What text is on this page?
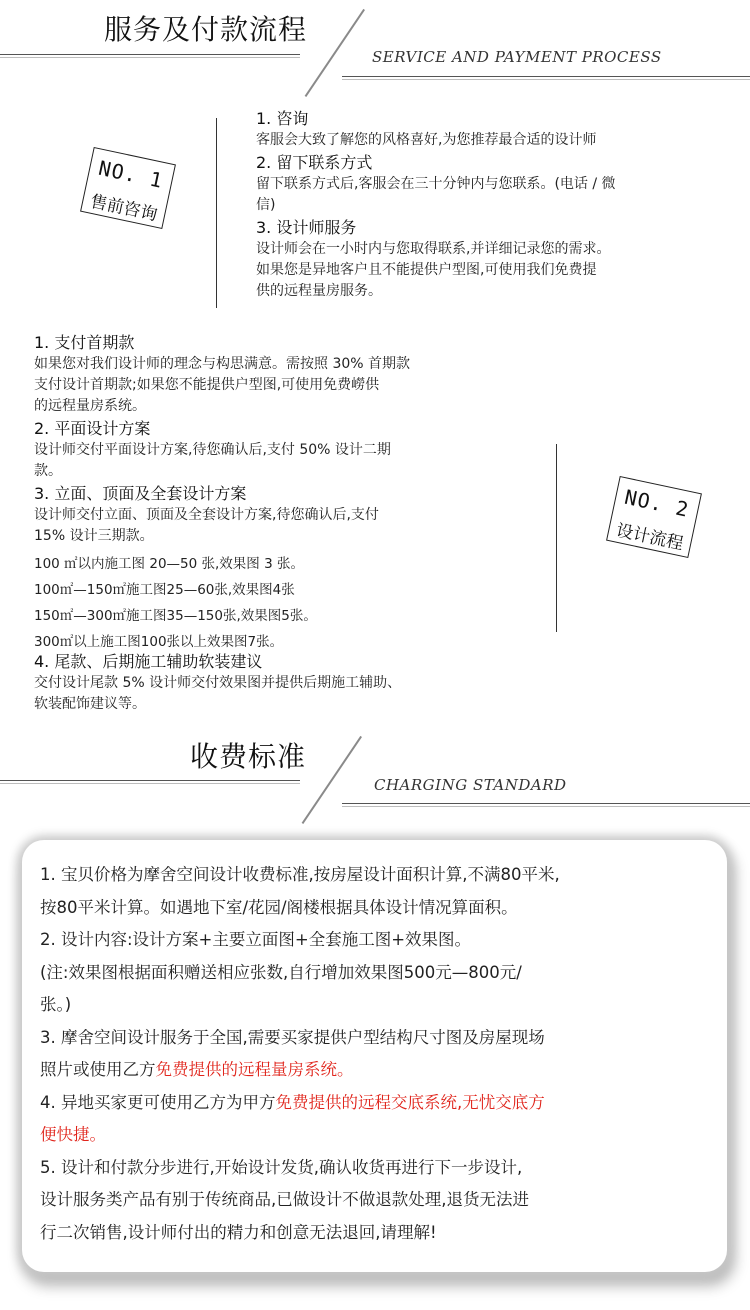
服务及付款流程
SERVICE AND PAYMENT PROCESS
NO. 1
售前咨询
1. 咨询
客服会大致了解您的风格喜好,为您推荐最合适的设计师
2. 留下联系方式
留下联系方式后,客服会在三十分钟内与您联系。(电话 / 微
信)
3. 设计师服务
设计师会在一小时内与您取得联系,并详细记录您的需求。
如果您是异地客户且不能提供户型图,可使用我们免费提
供的远程量房服务。
1. 支付首期款
如果您对我们设计师的理念与构思满意。需按照 30% 首期款
支付设计首期款;如果您不能提供户型图,可使用免费嶗供
的远程量房系统。
2. 平面设计方案
设计师交付平面设计方案,待您确认后,支付 50% 设计二期
款。
3. 立面、顶面及全套设计方案
设计师交付立面、顶面及全套设计方案,待您确认后,支付
15% 设计三期款。
100 ㎡以内施工图 20—50 张,效果图 3 张。
100㎡—150㎡施工图25—60张,效果图4张
150㎡—300㎡施工图35—150张,效果图5张。
300㎡以上施工图100张以上效果图7张。
4. 尾款、后期施工辅助软装建议
交付设计尾款 5% 设计师交付效果图并提供后期施工辅助、
软装配饰建议等。
NO. 2
设计流程
收费标准
CHARGING STANDARD
1. 宝贝价格为摩舍空间设计收费标准,按房屋设计面积计算,不满80平米,
按80平米计算。如遇地下室/花园/阁楼根据具体设计情况算面积。
2. 设计内容:设计方案+主要立面图+全套施工图+效果图。
(注:效果图根据面积赠送相应张数,自行增加效果图500元—800元/
张。)
3. 摩舍空间设计服务于全国,需要买家提供户型结构尺寸图及房屋现场
照片或使用乙方免费提供的远程量房系统。
4. 异地买家更可使用乙方为甲方免费提供的远程交底系统,无忧交底方
便快捷。
5. 设计和付款分步进行,开始设计发货,确认收货再进行下一步设计,
设计服务类产品有别于传统商品,已做设计不做退款处理,退货无法进
行二次销售,设计师付出的精力和创意无法退回,请理解!
